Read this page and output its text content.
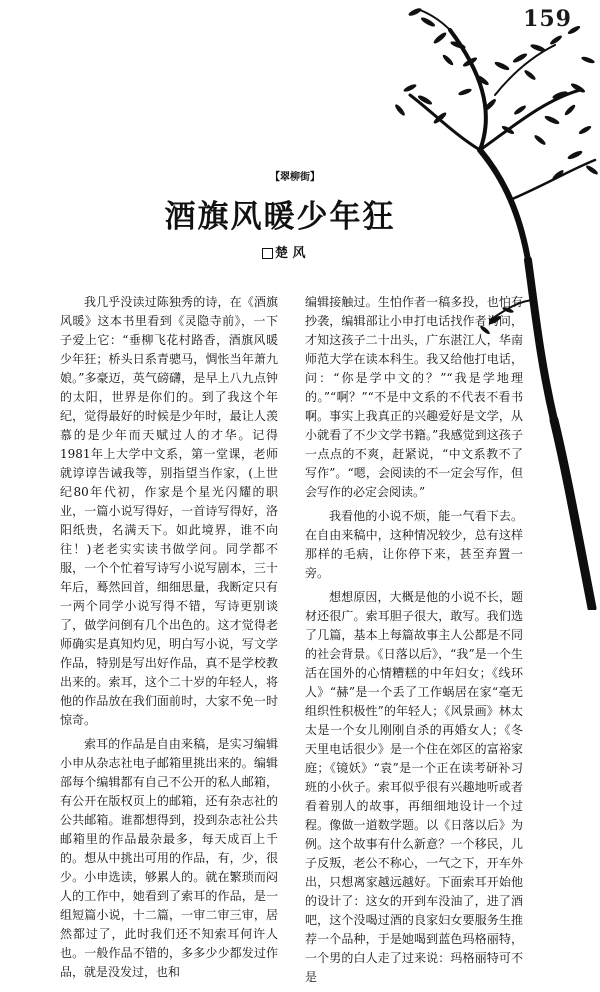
159
【翠柳街】
酒旗风暖少年狂
楚 风

我几乎没读过陈独秀的诗，在《酒旗风暖》这本书里看到《灵隐寺前》，一下子爱上它：“垂柳飞花村路香，酒旗风暖少年狂；桥头日系青骢马，惆怅当年萧九娘。”多豪迈，英气磅礴，是早上八九点钟的太阳，世界是你们的。到了我这个年纪，觉得最好的时候是少年时，最让人羡慕的是少年而天赋过人的才华。记得1981年上大学中文系，第一堂课，老师就谆谆告诫我等，别指望当作家，(上世纪80年代初，作家是个星光闪耀的职业，一篇小说写得好，一首诗写得好，洛阳纸贵，名满天下。如此境界，谁不向往！)老老实实读书做学问。同学都不服，一个个忙着写诗写小说写剧本，三十年后，蓦然回首，细细思量，我断定只有一两个同学小说写得不错，写诗更别谈了，做学问倒有几个出色的。这才觉得老师确实是真知灼见，明白写小说，写文学作品，特别是写出好作品，真不是学校教出来的。索耳，这个二十岁的年轻人，将他的作品放在我们面前时，大家不免一时惊奇。

索耳的作品是自由来稿，是实习编辑小申从杂志社电子邮箱里挑出来的。编辑部每个编辑都有自己不公开的私人邮箱，有公开在版权页上的邮箱，还有杂志社的公共邮箱。谁都想得到，投到杂志社公共邮箱里的作品最杂最多，每天成百上千的。想从中挑出可用的作品，有，少，很少。小申选读，够累人的。就在繁琐而闷人的工作中，她看到了索耳的作品，是一组短篇小说，十二篇，一审二审三审，居然都过了，此时我们还不知索耳何许人也。一般作品不错的，多多少少都发过作品，就是没发过，也和

编辑接触过。生怕作者一稿多投，也怕有抄袭，编辑部让小申打电话找作者询问，才知这孩子二十出头，广东湛江人，华南师范大学在读本科生。我又给他打电话，问：“你是学中文的？”“我是学地理的。”“啊？”“不是中文系的不代表不看书啊。事实上我真正的兴趣爱好是文学，从小就看了不少文学书籍。”我感觉到这孩子一点点的不爽，赶紧说，“中文系教不了写作”。“嗯，会阅读的不一定会写作，但会写作的必定会阅读。”

我看他的小说不烦，能一气看下去。在自由来稿中，这种情况较少，总有这样那样的毛病，让你停下来，甚至弃置一旁。

想想原因，大概是他的小说不长，题材还很广。索耳胆子很大，敢写。我们选了几篇，基本上每篇故事主人公都是不同的社会背景。《日落以后》，“我”是一个生活在国外的心情糟糕的中年妇女；《线环人》“赫”是一个丢了工作蜗居在家“毫无组织性积极性”的年轻人；《风景画》林太太是一个女儿刚刚自杀的再婚女人；《冬天里电话很少》是一个住在郊区的富裕家庭；《镜妖》“袁”是一个正在读考研补习班的小伙子。索耳似乎很有兴趣地听或者看着别人的故事，再细细地设计一个过程。像做一道数学题。以《日落以后》为例。这个故事有什么新意？一个移民，儿子反叛，老公不称心，一气之下，开车外出，只想离家越远越好。下面索耳开始他的设计了：这女的开到车没油了，进了酒吧，这个没喝过酒的良家妇女要服务生推荐一个品种，于是她喝到蓝色玛格丽特，一个男的白人走了过来说：玛格丽特可不是
